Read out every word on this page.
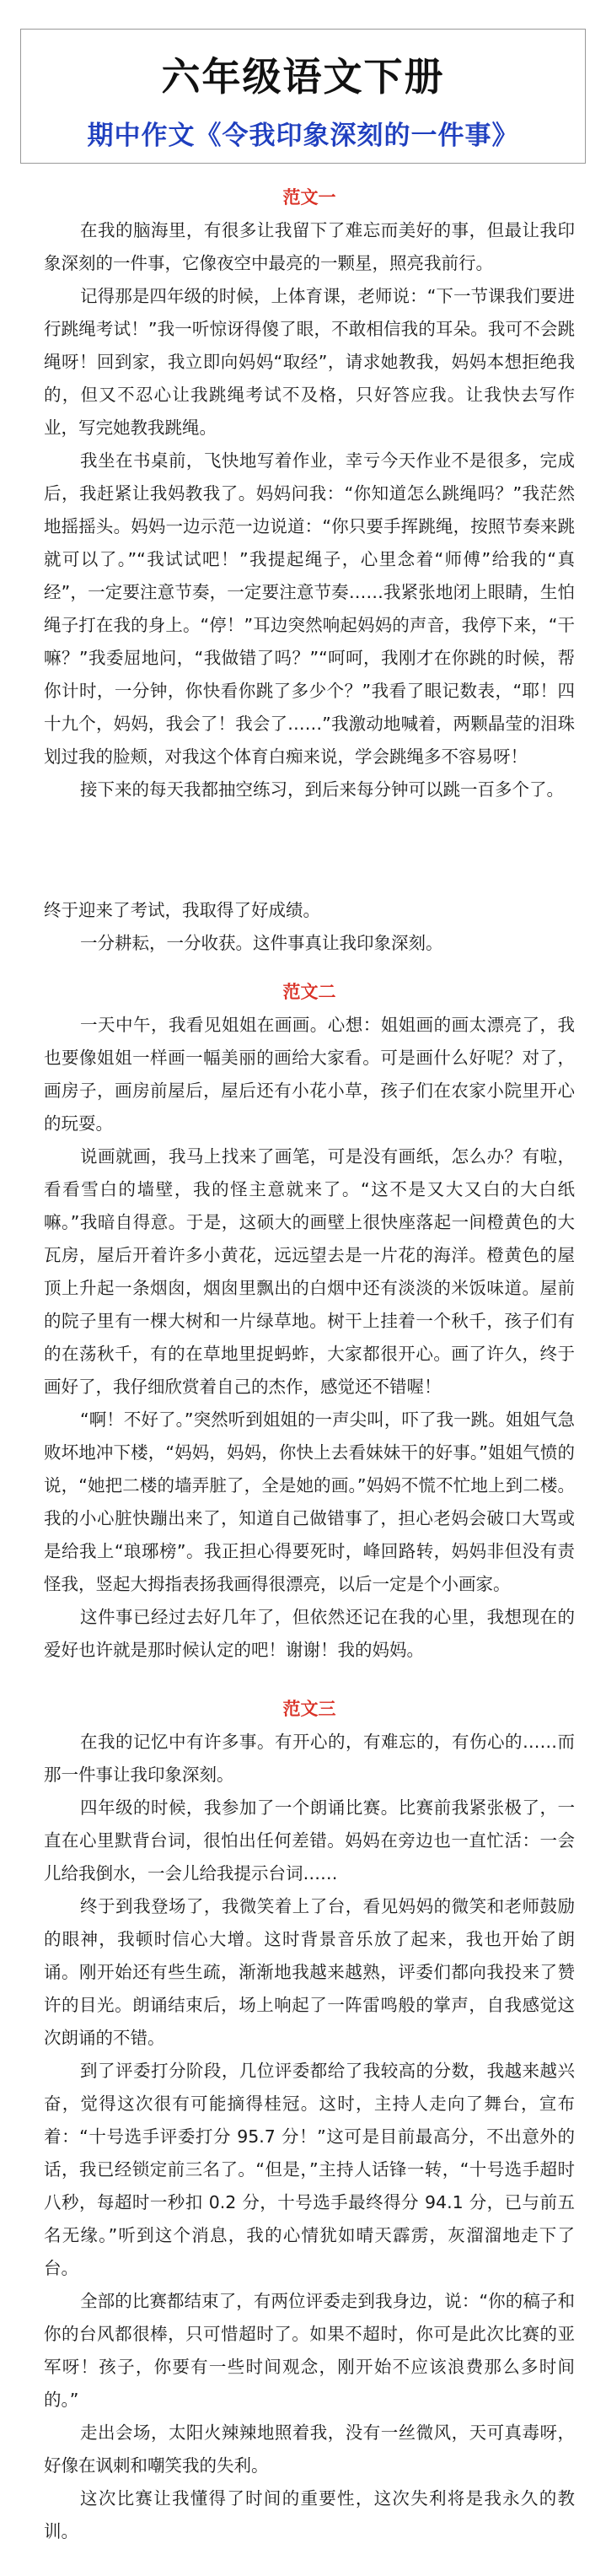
六年级语文下册
期中作文《令我印象深刻的一件事》
范文一

在我的脑海里，有很多让我留下了难忘而美好的事，但最让我印象深刻的一件事，它像夜空中最亮的一颗星，照亮我前行。

记得那是四年级的时候，上体育课，老师说：“下一节课我们要进行跳绳考试！”我一听惊讶得傻了眼，不敢相信我的耳朵。我可不会跳绳呀！回到家，我立即向妈妈“取经”，请求她教我，妈妈本想拒绝我的，但又不忍心让我跳绳考试不及格，只好答应我。让我快去写作业，写完她教我跳绳。

我坐在书桌前，飞快地写着作业，幸亏今天作业不是很多，完成后，我赶紧让我妈教我了。妈妈问我：“你知道怎么跳绳吗？”我茫然地摇摇头。妈妈一边示范一边说道：“你只要手挥跳绳，按照节奏来跳就可以了。”“我试试吧！”我提起绳子，心里念着“师傅”给我的“真经”，一定要注意节奏，一定要注意节奏……我紧张地闭上眼睛，生怕绳子打在我的身上。“停！”耳边突然响起妈妈的声音，我停下来，“干嘛？”我委屈地问，“我做错了吗？”“呵呵，我刚才在你跳的时候，帮你计时，一分钟，你快看你跳了多少个？”我看了眼记数表，“耶！四十九个，妈妈，我会了！我会了……”我激动地喊着，两颗晶莹的泪珠划过我的脸颊，对我这个体育白痴来说，学会跳绳多不容易呀！

接下来的每天我都抽空练习，到后来每分钟可以跳一百多个了。

终于迎来了考试，我取得了好成绩。

一分耕耘，一分收获。这件事真让我印象深刻。

范文二

一天中午，我看见姐姐在画画。心想：姐姐画的画太漂亮了，我也要像姐姐一样画一幅美丽的画给大家看。可是画什么好呢？对了，画房子，画房前屋后，屋后还有小花小草，孩子们在农家小院里开心的玩耍。

说画就画，我马上找来了画笔，可是没有画纸，怎么办？有啦，看看雪白的墙壁，我的怪主意就来了。“这不是又大又白的大白纸嘛。”我暗自得意。于是，这硕大的画壁上很快座落起一间橙黄色的大瓦房，屋后开着许多小黄花，远远望去是一片花的海洋。橙黄色的屋顶上升起一条烟囱，烟囱里飘出的白烟中还有淡淡的米饭味道。屋前的院子里有一棵大树和一片绿草地。树干上挂着一个秋千，孩子们有的在荡秋千，有的在草地里捉蚂蚱，大家都很开心。画了许久，终于画好了，我仔细欣赏着自己的杰作，感觉还不错喔！

“啊！不好了。”突然听到姐姐的一声尖叫，吓了我一跳。姐姐气急败坏地冲下楼，“妈妈，妈妈，你快上去看妹妹干的好事。”姐姐气愤的说，“她把二楼的墙弄脏了，全是她的画。”妈妈不慌不忙地上到二楼。我的小心脏快蹦出来了，知道自己做错事了，担心老妈会破口大骂或是给我上“琅琊榜”。我正担心得要死时，峰回路转，妈妈非但没有责怪我，竖起大拇指表扬我画得很漂亮，以后一定是个小画家。

这件事已经过去好几年了，但依然还记在我的心里，我想现在的爱好也许就是那时候认定的吧！谢谢！我的妈妈。

范文三

在我的记忆中有许多事。有开心的，有难忘的，有伤心的……而那一件事让我印象深刻。

四年级的时候，我参加了一个朗诵比赛。比赛前我紧张极了，一直在心里默背台词，很怕出任何差错。妈妈在旁边也一直忙活：一会儿给我倒水，一会儿给我提示台词……

终于到我登场了，我微笑着上了台，看见妈妈的微笑和老师鼓励的眼神，我顿时信心大增。这时背景音乐放了起来，我也开始了朗诵。刚开始还有些生疏，渐渐地我越来越熟，评委们都向我投来了赞许的目光。朗诵结束后，场上响起了一阵雷鸣般的掌声，自我感觉这次朗诵的不错。

到了评委打分阶段，几位评委都给了我较高的分数，我越来越兴奋，觉得这次很有可能摘得桂冠。这时，主持人走向了舞台，宣布着：“十号选手评委打分 95.7 分！”这可是目前最高分，不出意外的话，我已经锁定前三名了。“但是，”主持人话锋一转，“十号选手超时八秒，每超时一秒扣 0.2 分，十号选手最终得分 94.1 分，已与前五名无缘。”听到这个消息，我的心情犹如晴天霹雳，灰溜溜地走下了台。

全部的比赛都结束了，有两位评委走到我身边，说：“你的稿子和你的台风都很棒，只可惜超时了。如果不超时，你可是此次比赛的亚军呀！孩子，你要有一些时间观念，刚开始不应该浪费那么多时间的。”

走出会场，太阳火辣辣地照着我，没有一丝微风，天可真毒呀，好像在讽刺和嘲笑我的失利。

这次比赛让我懂得了时间的重要性，这次失利将是我永久的教训。
